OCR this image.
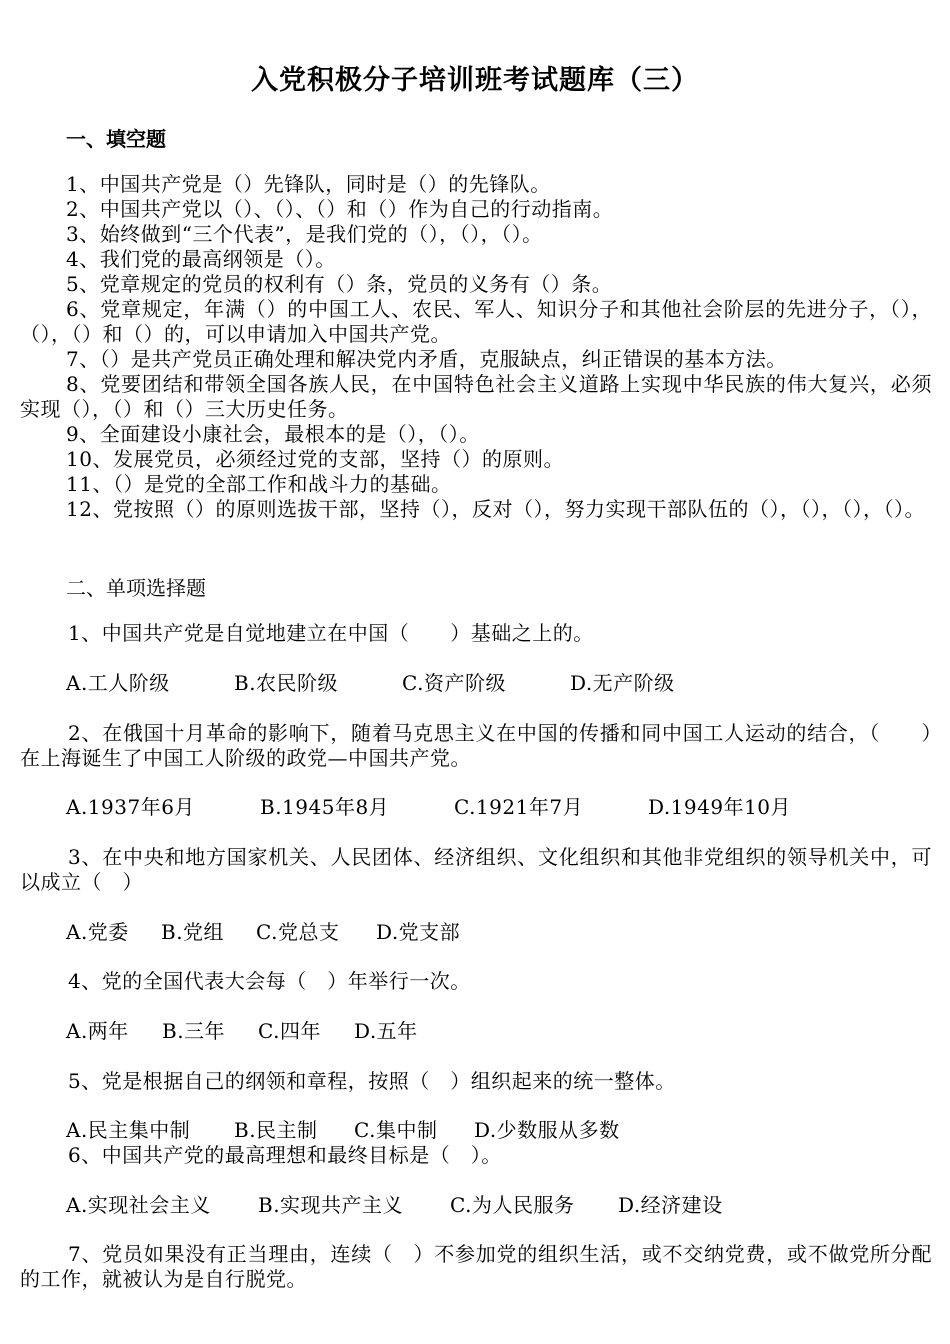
入党积极分子培训班考试题库（三）
一、填空题
1、中国共产党是（）先锋队，同时是（）的先锋队。
2、中国共产党以（）、（）、（）和（）作为自己的行动指南。
3、始终做到“三个代表”，是我们党的（），（），（）。
4、我们党的最高纲领是（）。
5、党章规定的党员的权利有（）条，党员的义务有（）条。
6、党章规定，年满（）的中国工人、农民、军人、知识分子和其他社会阶层的先进分子，（），（），（）和（）的，可以申请加入中国共产党。
7、（）是共产党员正确处理和解决党内矛盾，克服缺点，纠正错误的基本方法。
8、党要团结和带领全国各族人民，在中国特色社会主义道路上实现中华民族的伟大复兴，必须实现（），（）和（）三大历史任务。
9、全面建设小康社会，最根本的是（），（）。
10、发展党员，必须经过党的支部，坚持（）的原则。
11、（）是党的全部工作和战斗力的基础。
12、党按照（）的原则选拔干部，坚持（），反对（），努力实现干部队伍的（），（），（），（）。
二、单项选择题
1、中国共产党是自觉地建立在中国（　　）基础之上的。
A.工人阶级	B.农民阶级	C.资产阶级	D.无产阶级
2、在俄国十月革命的影响下，随着马克思主义在中国的传播和同中国工人运动的结合，（　　）在上海诞生了中国工人阶级的政党—中国共产党。
A.1937年6月	B.1945年8月	C.1921年7月	D.1949年10月
3、在中央和地方国家机关、人民团体、经济组织、文化组织和其他非党组织的领导机关中，可以成立（　）
A.党委 B.党组 C.党总支 D.党支部
4、党的全国代表大会每（　）年举行一次。
A.两年 B.三年 C.四年 D.五年
5、党是根据自己的纲领和章程，按照（　）组织起来的统一整体。
A.民主集中制 B.民主制 C.集中制 D.少数服从多数
6、中国共产党的最高理想和最终目标是（　）。
A.实现社会主义 B.实现共产主义 C.为人民服务 D.经济建设
7、党员如果没有正当理由，连续（　）不参加党的组织生活，或不交纳党费，或不做党所分配的工作，就被认为是自行脱党。
